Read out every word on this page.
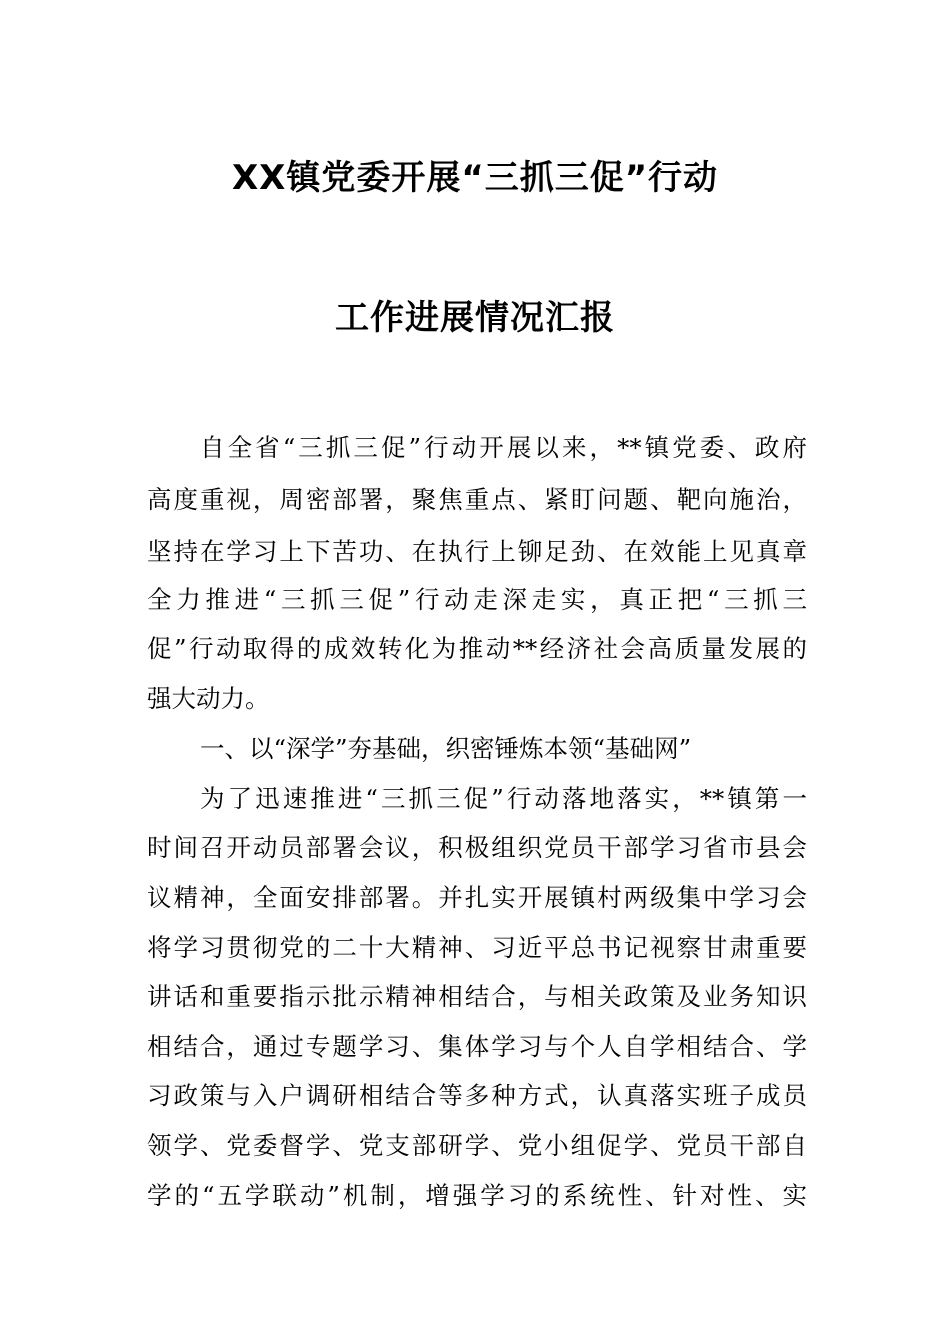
XX镇党委开展“三抓三促”行动
工作进展情况汇报
自全省“三抓三促”行动开展以来，**镇党委、政府
高度重视，周密部署，聚焦重点、紧盯问题、靶向施治，
坚持在学习上下苦功、在执行上铆足劲、在效能上见真章
全力推进“三抓三促”行动走深走实，真正把“三抓三
促”行动取得的成效转化为推动**经济社会高质量发展的
强大动力。
一、以“深学”夯基础，织密锤炼本领“基础网”
为了迅速推进“三抓三促”行动落地落实，**镇第一
时间召开动员部署会议，积极组织党员干部学习省市县会
议精神，全面安排部署。并扎实开展镇村两级集中学习会
将学习贯彻党的二十大精神、习近平总书记视察甘肃重要
讲话和重要指示批示精神相结合，与相关政策及业务知识
相结合，通过专题学习、集体学习与个人自学相结合、学
习政策与入户调研相结合等多种方式，认真落实班子成员
领学、党委督学、党支部研学、党小组促学、党员干部自
学的“五学联动”机制，增强学习的系统性、针对性、实
